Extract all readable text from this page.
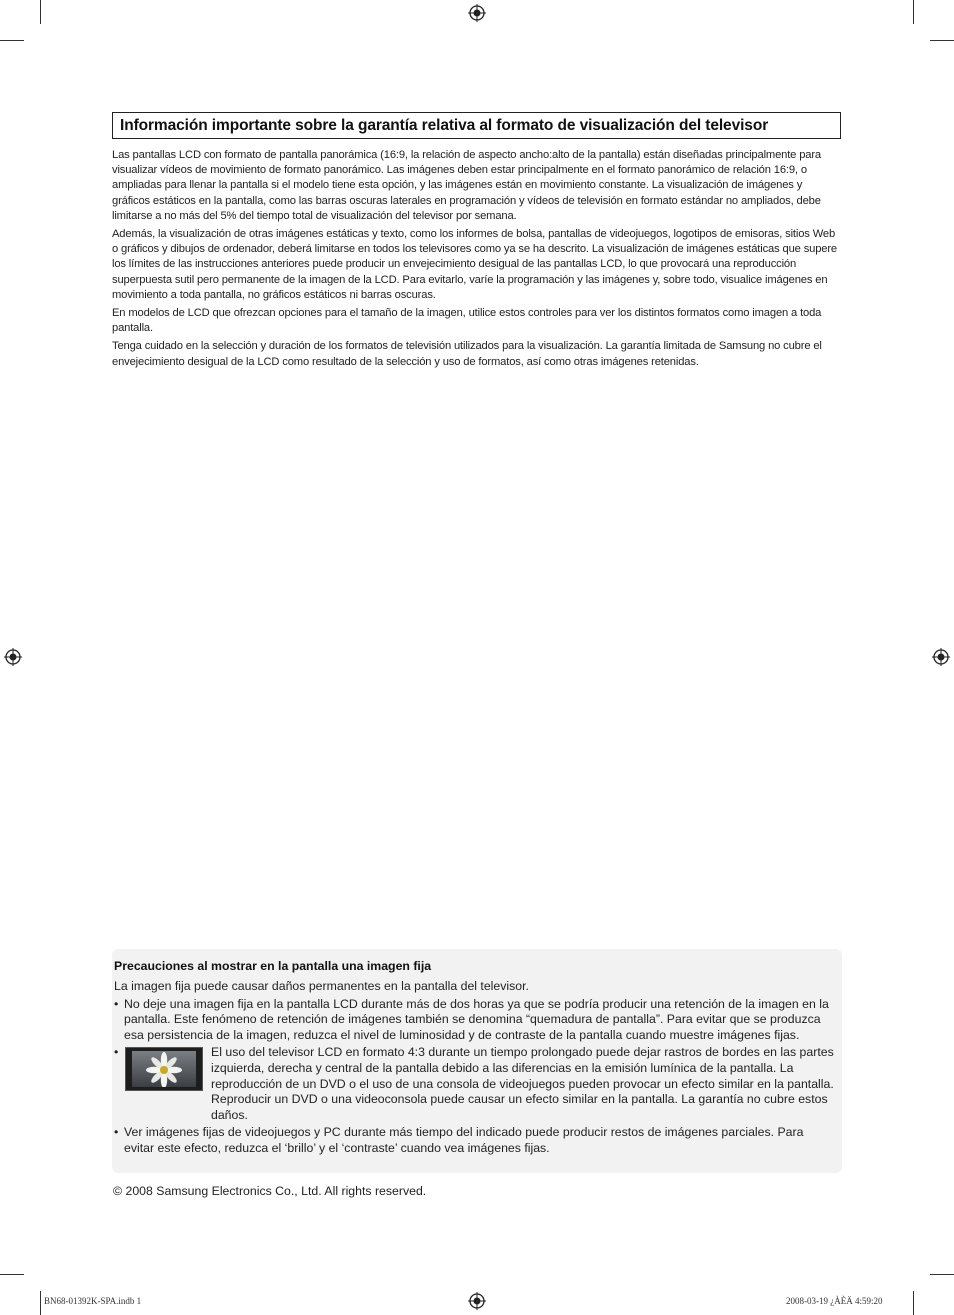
Información importante sobre la garantía relativa al formato de visualización del televisor

Las pantallas LCD con formato de pantalla panorámica (16:9, la relación de aspecto ancho:alto de la pantalla) están diseñadas principalmente para visualizar vídeos de movimiento de formato panorámico. Las imágenes deben estar principalmente en el formato panorámico de relación 16:9, o ampliadas para llenar la pantalla si el modelo tiene esta opción, y las imágenes están en movimiento constante. La visualización de imágenes y gráficos estáticos en la pantalla, como las barras oscuras laterales en programación y vídeos de televisión en formato estándar no ampliados, debe limitarse a no más del 5% del tiempo total de visualización del televisor por semana.

Además, la visualización de otras imágenes estáticas y texto, como los informes de bolsa, pantallas de videojuegos, logotipos de emisoras, sitios Web o gráficos y dibujos de ordenador, deberá limitarse en todos los televisores como ya se ha descrito. La visualización de imágenes estáticas que supere los límites de las instrucciones anteriores puede producir un envejecimiento desigual de las pantallas LCD, lo que provocará una reproducción superpuesta sutil pero permanente de la imagen de la LCD. Para evitarlo, varíe la programación y las imágenes y, sobre todo, visualice imágenes en movimiento a toda pantalla, no gráficos estáticos ni barras oscuras.

En modelos de LCD que ofrezcan opciones para el tamaño de la imagen, utilice estos controles para ver los distintos formatos como imagen a toda pantalla.

Tenga cuidado en la selección y duración de los formatos de televisión utilizados para la visualización. La garantía limitada de Samsung no cubre el envejecimiento desigual de la LCD como resultado de la selección y uso de formatos, así como otras imágenes retenidas.

Precauciones al mostrar en la pantalla una imagen fija

La imagen fija puede causar daños permanentes en la pantalla del televisor.

• No deje una imagen fija en la pantalla LCD durante más de dos horas ya que se podría producir una retención de la imagen en la pantalla. Este fenómeno de retención de imágenes también se denomina “quemadura de pantalla”. Para evitar que se produzca esa persistencia de la imagen, reduzca el nivel de luminosidad y de contraste de la pantalla cuando muestre imágenes fijas.
•	El uso del televisor LCD en formato 4:3 durante un tiempo prolongado puede dejar rastros de bordes en las partes izquierda, derecha y central de la pantalla debido a las diferencias en la emisión lumínica de la pantalla. La reproducción de un DVD o el uso de una consola de videojuegos pueden provocar un efecto similar en la pantalla. Reproducir un DVD o una videoconsola puede causar un efecto similar en la pantalla. La garantía no cubre estos daños.
• Ver imágenes fijas de videojuegos y PC durante más tiempo del indicado puede producir restos de imágenes parciales. Para evitar este efecto, reduzca el ‘brillo’ y el ‘contraste’ cuando vea imágenes fijas.
© 2008 Samsung Electronics Co., Ltd. All rights reserved.
BN68-01392K-SPA.indb 1	2008-03-19 ¿ÀÈÄ 4:59:20
